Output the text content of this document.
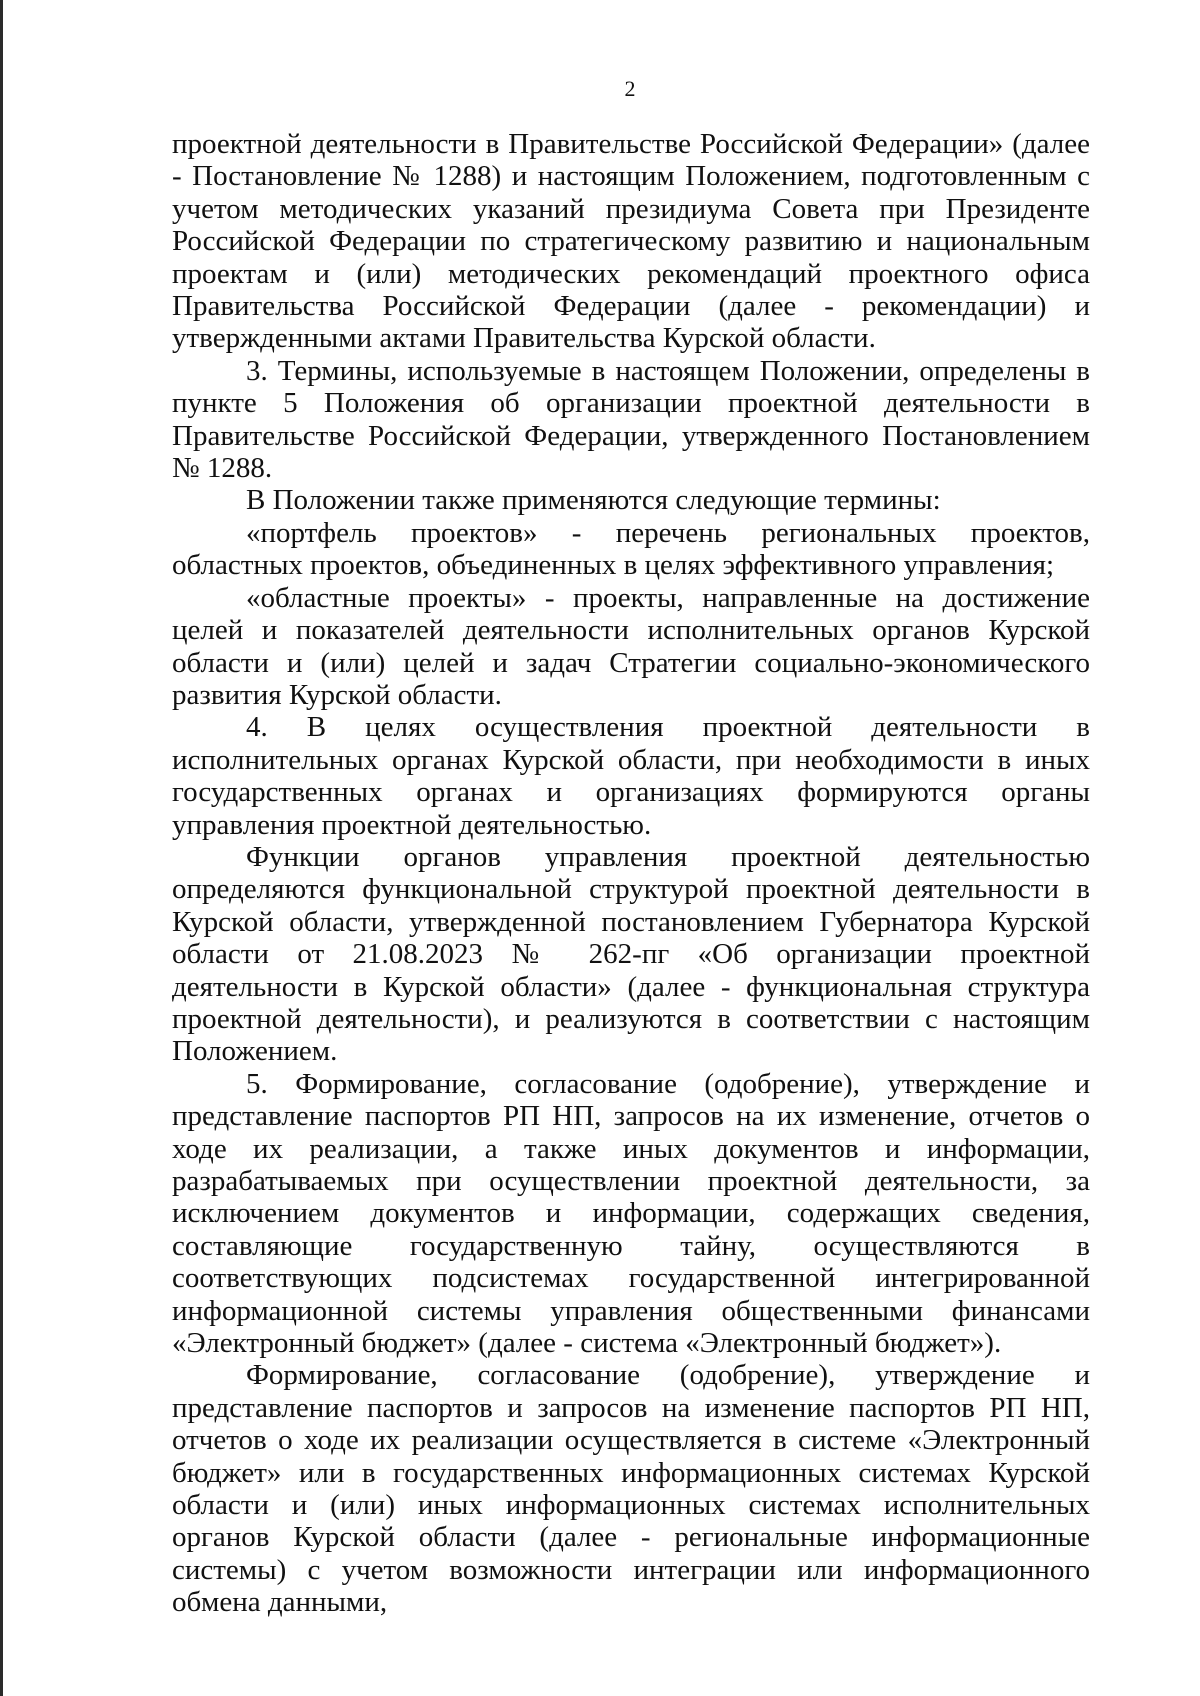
2

проектной деятельности в Правительстве Российской Федерации» (далее - Постановление № 1288) и настоящим Положением, подготовленным с учетом методических указаний президиума Совета при Президенте Российской Федерации по стратегическому развитию и национальным проектам и (или) методических рекомендаций проектного офиса Правительства Российской Федерации (далее - рекомендации) и утвержденными актами Правительства Курской области.

3. Термины, используемые в настоящем Положении, определены в пункте 5 Положения об организации проектной деятельности в Правительстве Российской Федерации, утвержденного Постановлением № 1288.

В Положении также применяются следующие термины:

«портфель проектов» - перечень региональных проектов, областных проектов, объединенных в целях эффективного управления;

«областные проекты» - проекты, направленные на достижение целей и показателей деятельности исполнительных органов Курской области и (или) целей и задач Стратегии социально-экономического развития Курской области.

4. В целях осуществления проектной деятельности в исполнительных органах Курской области, при необходимости в иных государственных органах и организациях формируются органы управления проектной деятельностью.

Функции органов управления проектной деятельностью определяются функциональной структурой проектной деятельности в Курской области, утвержденной постановлением Губернатора Курской области от 21.08.2023 № 262-пг «Об организации проектной деятельности в Курской области» (далее - функциональная структура проектной деятельности), и реализуются в соответствии с настоящим Положением.

5. Формирование, согласование (одобрение), утверждение и представление паспортов РП НП, запросов на их изменение, отчетов о ходе их реализации, а также иных документов и информации, разрабатываемых при осуществлении проектной деятельности, за исключением документов и информации, содержащих сведения, составляющие государственную тайну, осуществляются в соответствующих подсистемах государственной интегрированной информационной системы управления общественными финансами «Электронный бюджет» (далее - система «Электронный бюджет»).

Формирование, согласование (одобрение), утверждение и представление паспортов и запросов на изменение паспортов РП НП, отчетов о ходе их реализации осуществляется в системе «Электронный бюджет» или в государственных информационных системах Курской области и (или) иных информационных системах исполнительных органов Курской области (далее - региональные информационные системы) с учетом возможности интеграции или информационного обмена данными,
